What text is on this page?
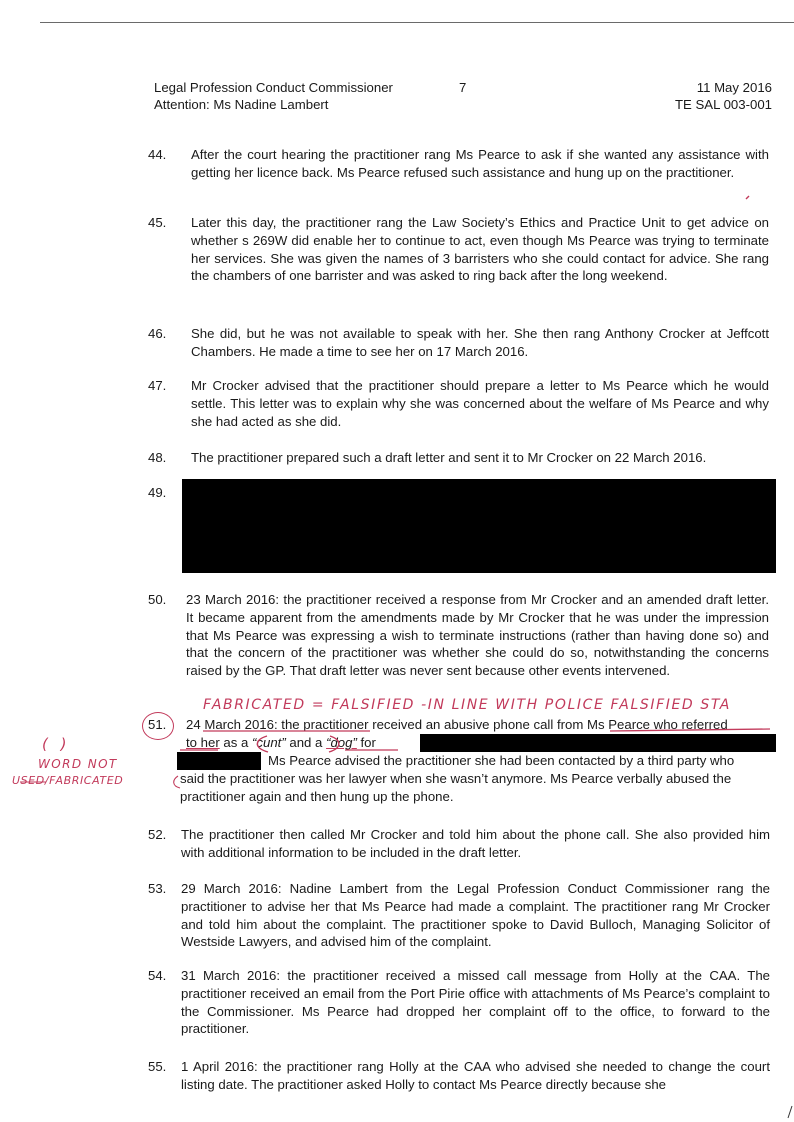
Legal Profession Conduct Commissioner
Attention: Ms Nadine Lambert
7	11 May 2016
TE SAL 003-001
44. After the court hearing the practitioner rang Ms Pearce to ask if she wanted any assistance with getting her licence back. Ms Pearce refused such assistance and hung up on the practitioner.

45. Later this day, the practitioner rang the Law Society’s Ethics and Practice Unit to get advice on whether s 269W did enable her to continue to act, even though Ms Pearce was trying to terminate her services. She was given the names of 3 barristers who she could contact for advice. She rang the chambers of one barrister and was asked to ring back after the long weekend.

46. She did, but he was not available to speak with her. She then rang Anthony Crocker at Jeffcott Chambers. He made a time to see her on 17 March 2016.

47. Mr Crocker advised that the practitioner should prepare a letter to Ms Pearce which he would settle. This letter was to explain why she was concerned about the welfare of Ms Pearce and why she had acted as she did.

48. The practitioner prepared such a draft letter and sent it to Mr Crocker on 22 March 2016.

49.
50. 23 March 2016: the practitioner received a response from Mr Crocker and an amended draft letter. It became apparent from the amendments made by Mr Crocker that he was under the impression that Ms Pearce was expressing a wish to terminate instructions (rather than having done so) and that the concern of the practitioner was whether she could do so, notwithstanding the concerns raised by the GP. That draft letter was never sent because other events intervened.

FABRICATED = FALSIFIED -IN LINE WITH POLICE FALSIFIED STA
51. 24 March 2016: the practitioner received an abusive phone call from Ms Pearce who referred
to her as a “cunt” and a “dog” for
Ms Pearce advised the practitioner she had been contacted by a third party who
said the practitioner was her lawyer when she wasn’t anymore. Ms Pearce verbally abused the
practitioner again and then hung up the phone.
( )
WORD NOT
USED/FABRICATED
52. The practitioner then called Mr Crocker and told him about the phone call. She also provided him with additional information to be included in the draft letter.

53. 29 March 2016: Nadine Lambert from the Legal Profession Conduct Commissioner rang the practitioner to advise her that Ms Pearce had made a complaint. The practitioner rang Mr Crocker and told him about the complaint. The practitioner spoke to David Bulloch, Managing Solicitor of Westside Lawyers, and advised him of the complaint.

54. 31 March 2016: the practitioner received a missed call message from Holly at the CAA. The practitioner received an email from the Port Pirie office with attachments of Ms Pearce’s complaint to the Commissioner. Ms Pearce had dropped her complaint off to the office, to forward to the practitioner.

55. 1 April 2016: the practitioner rang Holly at the CAA who advised she needed to change the court listing date. The practitioner asked Holly to contact Ms Pearce directly because she
